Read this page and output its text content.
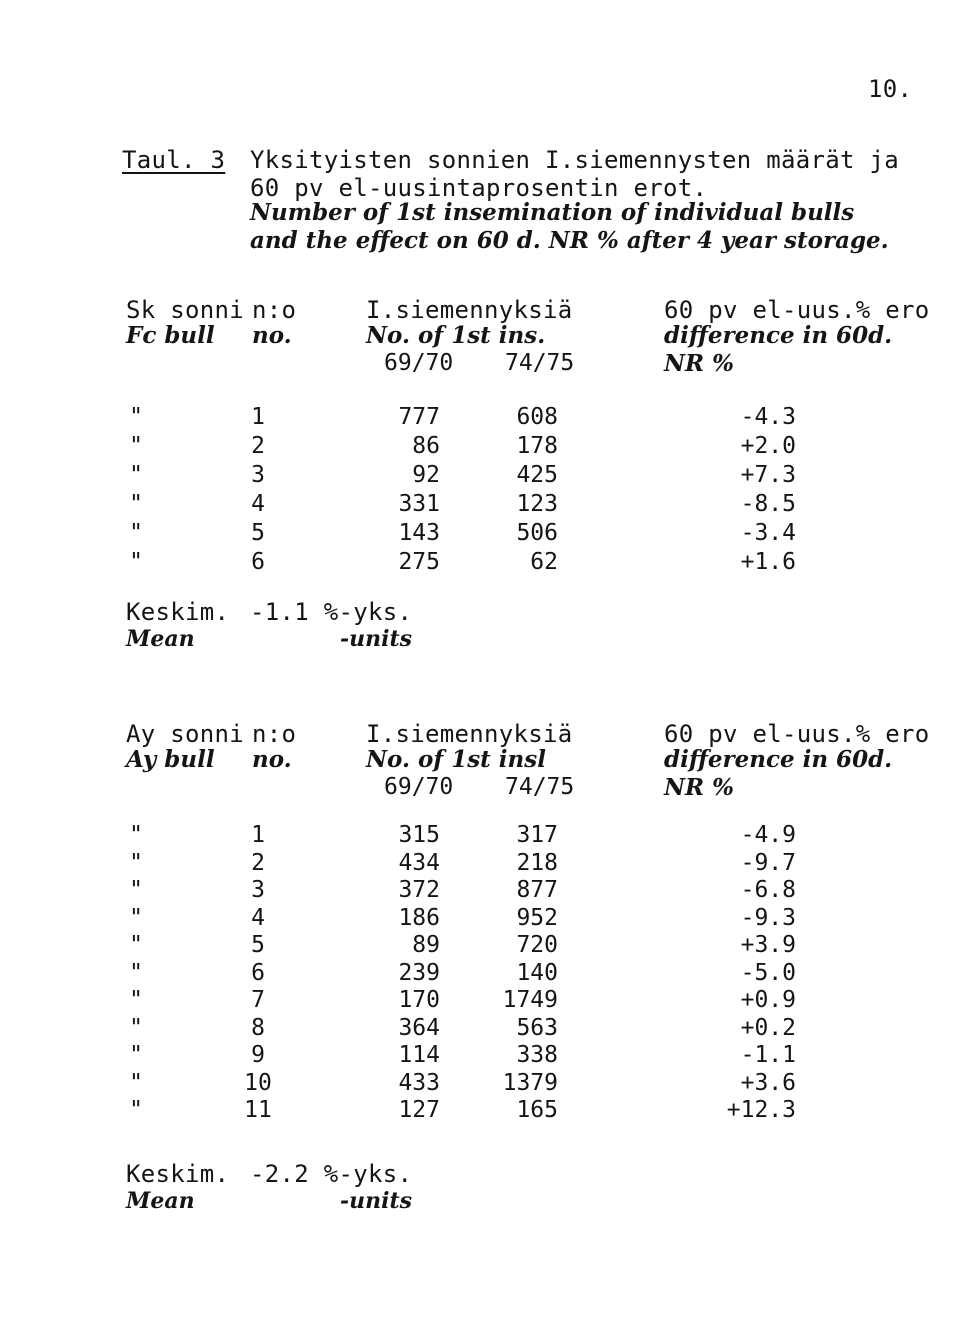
10.
Taul. 3 Yksityisten sonnien I.siemennysten määrät ja
60 pv el-uusintaprosentin erot.
Number of 1st insemination of individual bulls
and the effect on 60 d. NR % after 4 year storage.
Sk sonni n:o	I.siemennyksiä	60 pv el-uus.% ero
Fc bull no.	No. of 1st ins.	difference in 60d.
69/70 74/75	NR %
"	1	777	608	-4.3
"	2	86	178	+2.0
"	3	92	425	+7.3
"	4	331	123	-8.5
"	5	143	506	-3.4
"	6	275	62	+1.6
Keskim. -1.1 %-yks.
Mean	-units
Ay sonni n:o	I.siemennyksiä	60 pv el-uus.% ero
Ay bull no.	No. of 1st insl	difference in 60d.
69/70 74/75	NR %
"	1	315	317	-4.9
"	2	434	218	-9.7
"	3	372	877	-6.8
"	4	186	952	-9.3
"	5	89	720	+3.9
"	6	239	140	-5.0
"	7	170	1749	+0.9
"	8	364	563	+0.2
"	9	114	338	-1.1
"	10	433	1379	+3.6
"	11	127	165	+12.3
Keskim. -2.2 %-yks.
Mean	-units
